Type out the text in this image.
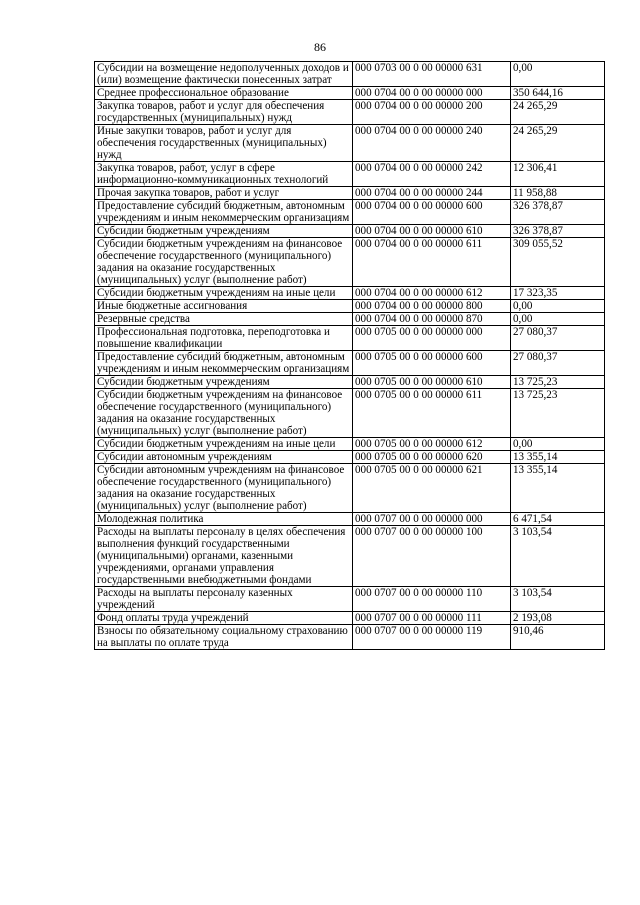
86
Субсидии на возмещение недополученных доходов и (или) возмещение фактически понесенных затрат	000 0703 00 0 00 00000 631	0,00
Среднее профессиональное образование	000 0704 00 0 00 00000 000	350 644,16
Закупка товаров, работ и услуг для обеспечения государственных (муниципальных) нужд	000 0704 00 0 00 00000 200	24 265,29
Иные закупки товаров, работ и услуг для обеспечения государственных (муниципальных) нужд	000 0704 00 0 00 00000 240	24 265,29
Закупка товаров, работ, услуг в сфере информационно-коммуникационных технологий	000 0704 00 0 00 00000 242	12 306,41
Прочая закупка товаров, работ и услуг	000 0704 00 0 00 00000 244	11 958,88
Предоставление субсидий бюджетным, автономным учреждениям и иным некоммерческим организациям	000 0704 00 0 00 00000 600	326 378,87
Субсидии бюджетным учреждениям	000 0704 00 0 00 00000 610	326 378,87
Субсидии бюджетным учреждениям на финансовое обеспечение государственного (муниципального) задания на оказание государственных (муниципальных) услуг (выполнение работ)	000 0704 00 0 00 00000 611	309 055,52
Субсидии бюджетным учреждениям на иные цели	000 0704 00 0 00 00000 612	17 323,35
Иные бюджетные ассигнования	000 0704 00 0 00 00000 800	0,00
Резервные средства	000 0704 00 0 00 00000 870	0,00
Профессиональная подготовка, переподготовка и повышение квалификации	000 0705 00 0 00 00000 000	27 080,37
Предоставление субсидий бюджетным, автономным учреждениям и иным некоммерческим организациям	000 0705 00 0 00 00000 600	27 080,37
Субсидии бюджетным учреждениям	000 0705 00 0 00 00000 610	13 725,23
Субсидии бюджетным учреждениям на финансовое обеспечение государственного (муниципального) задания на оказание государственных (муниципальных) услуг (выполнение работ)	000 0705 00 0 00 00000 611	13 725,23
Субсидии бюджетным учреждениям на иные цели	000 0705 00 0 00 00000 612	0,00
Субсидии автономным учреждениям	000 0705 00 0 00 00000 620	13 355,14
Субсидии автономным учреждениям на финансовое обеспечение государственного (муниципального) задания на оказание государственных (муниципальных) услуг (выполнение работ)	000 0705 00 0 00 00000 621	13 355,14
Молодежная политика	000 0707 00 0 00 00000 000	6 471,54
Расходы на выплаты персоналу в целях обеспечения выполнения функций государственными (муниципальными) органами, казенными учреждениями, органами управления государственными внебюджетными фондами	000 0707 00 0 00 00000 100	3 103,54
Расходы на выплаты персоналу казенных учреждений	000 0707 00 0 00 00000 110	3 103,54
Фонд оплаты труда учреждений	000 0707 00 0 00 00000 111	2 193,08
Взносы по обязательному социальному страхованию на выплаты по оплате труда	000 0707 00 0 00 00000 119	910,46
